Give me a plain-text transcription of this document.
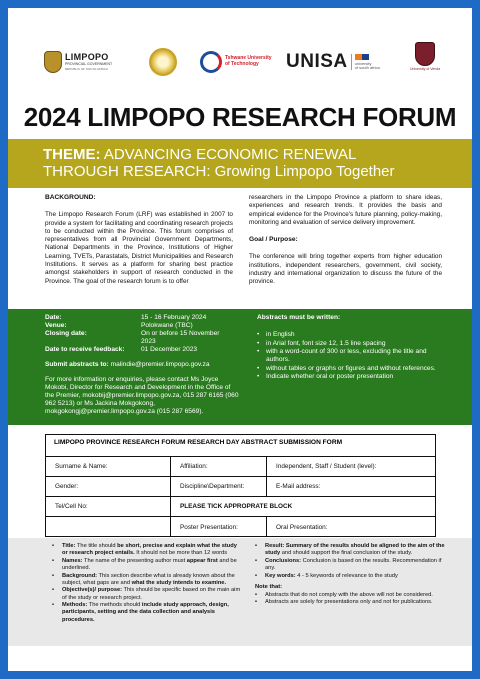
LIMPOPO
PROVINCIAL GOVERNMENT
REPUBLIC OF SOUTH AFRICA
Tshwane University
of Technology	UNISA university
of south africa	University of Venda
2024 LIMPOPO RESEARCH FORUM
THEME: ADVANCING ECONOMIC RENEWAL
THROUGH RESEARCH: Growing Limpopo Together
BACKGROUND:

The Limpopo Research Forum (LRF) was established in 2007 to provide a system for facilitating and coordinating research projects to be conducted within the Province. This forum comprises of representatives from all Provincial Government Departments, National Departments in the Province, Institutions of Higher Learning, TVETs, Parastatals, District Municipalities and Research Institutions. It serves as a platform for sharing best practice amongst stakeholders in support of research conducted in the Province. The goal of the research forum is to offer

researchers in the Limpopo Province a platform to share ideas, experiences and research trends. It provides the basis and empirical evidence for the Province's future planning, policy-making, monitoring and evaluation of service delivery improvement.

Goal / Purpose:

The conference will bring together experts from higher education institutions, independent researchers, government, civil society, industry and international organization to discuss the future of the province.

Date:	15 - 16 February 2024
Venue:	Polokwane (TBC)
Closing date:	On or before 15 November 2023
Date to receive feedback:	01 December 2023
Submit abstracts to: malindie@premier.limpopo.gov.za
For more information or enquiries, please contact Ms Joyce Mokobi, Director for Research and Development in the Office of the Premier, mokobij@premier.limpopo.gov.za, 015 287 6165 (060 962 5213) or Ms Jackina Mokgokong, mokgokongj@premier.limpopo.gov.za (015 287 6569).
Abstracts must be written:
• in English
• in Arial font, font size 12, 1.5 line spacing
• with a word-count of 300 or less, excluding the title and authors.
• without tables or graphs or figures and without references.
• Indicate whether oral or poster presentation
LIMPOPO PROVINCE RESEARCH FORUM RESEARCH DAY ABSTRACT SUBMISSION FORM
Surname & Name:	Affiliation:	Independent, Staff / Student (level):
Gender:	Discipline\Department:	E-Mail address:
Tel/Cell No:	PLEASE TICK APPROPRATE BLOCK
Poster Presentation:	Oral Presentation:
• Title: The title should be short, precise and explain what the study or research project entails. It should not be more than 12 words
• Names: The name of the presenting author must appear first and be underlined.
• Background: This section describe what is already known about the subject, what gaps are and what the study intends to examine.
• Objective(s)/ purpose: This should be specific based on the main aim of the study or research project.
• Methods: The methods should include study approach, design, participants, setting and the data collection and analysis procedures.
• Result: Summary of the results should be aligned to the aim of the study and should support the final conclusion of the study.
• Conclusions: Conclusion is based on the results. Recommendation if any.
• Key words: 4 - 5 keywords of relevance to the study
Note that:
• Abstracts that do not comply with the above will not be considered.
• Abstracts are solely for presentations only and not for publications.
